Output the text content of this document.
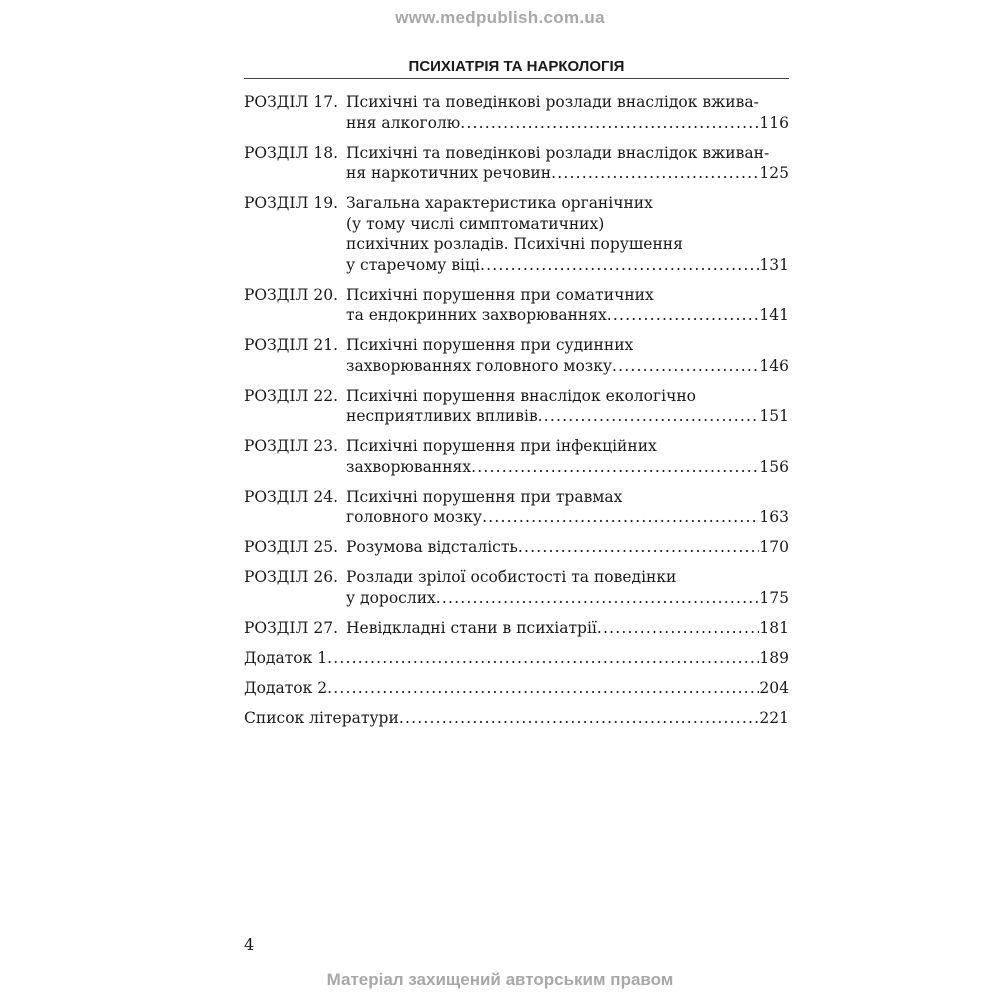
www.medpublish.com.ua
ПСИХІАТРІЯ ТА НАРКОЛОГІЯ
РОЗДІЛ 17. Психічні та поведінкові розлади внаслідок вжива-
ння алкоголю .....	116
РОЗДІЛ 18. Психічні та поведінкові розлади внаслідок вживан-
ня наркотичних речовин .....	125
РОЗДІЛ 19. Загальна характеристика органічних
(у тому числі симптоматичних)
психічних розладів. Психічні порушення
у старечому віці .....	131
РОЗДІЛ 20. Психічні порушення при соматичних
та ендокринних захворюваннях .....	141
РОЗДІЛ 21. Психічні порушення при судинних
захворюваннях головного мозку .....	146
РОЗДІЛ 22. Психічні порушення внаслідок екологічно
несприятливих впливів .....	151
РОЗДІЛ 23. Психічні порушення при інфекційних
захворюваннях .....	156
РОЗДІЛ 24. Психічні порушення при травмах
головного мозку .....	163
РОЗДІЛ 25. Розумова відсталість .....	170
РОЗДІЛ 26. Розлади зрілої особистості та поведінки
у дорослих .....	175
РОЗДІЛ 27. Невідкладні стани в психіатрії .....	181
Додаток 1 .....	189
Додаток 2 .....	204
Список літератури .....	221
4
Матеріал захищений авторським правом
